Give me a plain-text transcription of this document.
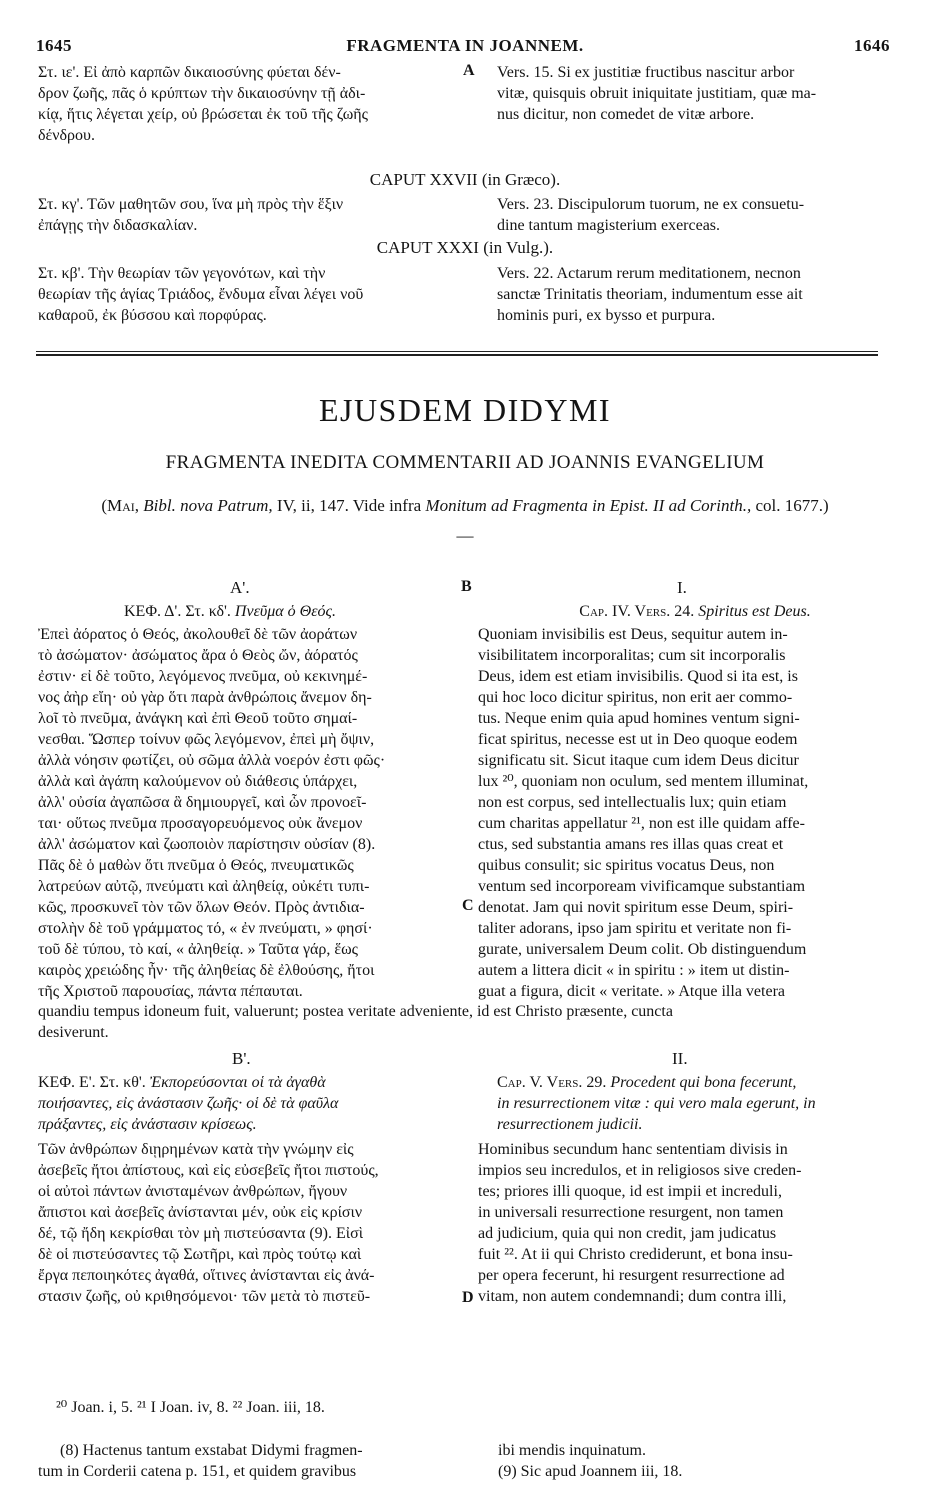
1645	FRAGMENTA IN JOANNEM.	1646
Στ. ιε'. Εἰ ἀπὸ καρπῶν δικαιοσύνης φύεται δέν-
δρον ζωῆς, πᾶς ὁ κρύπτων τὴν δικαιοσύνην τῇ ἀδι-
κίᾳ, ἥτις λέγεται χείρ, οὐ βρώσεται ἐκ τοῦ τῆς ζωῆς
δένδρου.
A Vers. 15. Si ex justitiæ fructibus nascitur arbor
vitæ, quisquis obruit iniquitate justitiam, quæ ma-
nus dicitur, non comedet de vitæ arbore.
CAPUT XXVII (in Græco).
Στ. κγ'. Τῶν μαθητῶν σου, ἵνα μὴ πρὸς τὴν ἕξιν
ἐπάγῃς τὴν διδασκαλίαν.
Vers. 23. Discipulorum tuorum, ne ex consuetu-
dine tantum magisterium exerceas.
CAPUT XXXI (in Vulg.).
Στ. κβ'. Τὴν θεωρίαν τῶν γεγονότων, καὶ τὴν
θεωρίαν τῆς ἁγίας Τριάδος, ἔνδυμα εἶναι λέγει νοῦ
καθαροῦ, ἐκ βύσσου καὶ πορφύρας.
Vers. 22. Actarum rerum meditationem, necnon
sanctæ Trinitatis theoriam, indumentum esse ait
hominis puri, ex bysso et purpura.
EJUSDEM DIDYMI
FRAGMENTA INEDITA COMMENTARII AD JOANNIS EVANGELIUM
(Mai, Bibl. nova Patrum, IV, ii, 147. Vide infra Monitum ad Fragmenta in Epist. II ad Corinth., col. 1677.)
—
Α'.	B	I.
ΚΕΦ. Δ'. Στ. κδ'. Πνεῦμα ὁ Θεός.	Cap. IV. Vers. 24. Spiritus est Deus.
Ἐπεὶ ἀόρατος ὁ Θεός, ἀκολουθεῖ δὲ τῶν ἀοράτων
τὸ ἀσώματον· ἀσώματος ἄρα ὁ Θεὸς ὤν, ἀόρατός
ἐστιν· εἰ δὲ τοῦτο, λεγόμενος πνεῦμα, οὐ κεκινημέ-
νος ἀὴρ εἴη· οὐ γὰρ ὅτι παρὰ ἀνθρώποις ἄνεμον δη-
λοῖ τὸ πνεῦμα, ἀνάγκη καὶ ἐπὶ Θεοῦ τοῦτο σημαί-
νεσθαι. Ὥσπερ τοίνυν φῶς λεγόμενον, ἐπεὶ μὴ ὄψιν,
ἀλλὰ νόησιν φωτίζει, οὐ σῶμα ἀλλὰ νοερόν ἐστι φῶς·
ἀλλὰ καὶ ἀγάπη καλούμενον οὐ διάθεσις ὑπάρχει,
ἀλλ' οὐσία ἀγαπῶσα ἃ δημιουργεῖ, καὶ ὧν προνοεῖ-
ται· οὕτως πνεῦμα προσαγορευόμενος οὐκ ἄνεμον
ἀλλ' ἀσώματον καὶ ζωοποιὸν παρίστησιν οὐσίαν (8).
Πᾶς δὲ ὁ μαθὼν ὅτι πνεῦμα ὁ Θεός, πνευματικῶς
λατρεύων αὐτῷ, πνεύματι καὶ ἀληθείᾳ, οὐκέτι τυπι-
κῶς, προσκυνεῖ τὸν τῶν ὅλων Θεόν. Πρὸς ἀντιδια-
στολὴν δὲ τοῦ γράμματος τό, « ἐν πνεύματι, » φησί·
τοῦ δὲ τύπου, τὸ καί, « ἀληθείᾳ. » Ταῦτα γάρ, ἕως
καιρὸς χρειώδης ἦν· τῆς ἀληθείας δὲ ἐλθούσης, ἤτοι
τῆς Χριστοῦ παρουσίας, πάντα πέπαυται.
C
Quoniam invisibilis est Deus, sequitur autem in-
visibilitatem incorporalitas; cum sit incorporalis
Deus, idem est etiam invisibilis. Quod si ita est, is
qui hoc loco dicitur spiritus, non erit aer commo-
tus. Neque enim quia apud homines ventum signi-
ficat spiritus, necesse est ut in Deo quoque eodem
significatu sit. Sicut itaque cum idem Deus dicitur
lux ²⁰, quoniam non oculum, sed mentem illuminat,
non est corpus, sed intellectualis lux; quin etiam
cum charitas appellatur ²¹, non est ille quidam affe-
ctus, sed substantia amans res illas quas creat et
quibus consulit; sic spiritus vocatus Deus, non
ventum sed incorpoream vivificamque substantiam
denotat. Jam qui novit spiritum esse Deum, spiri-
taliter adorans, ipso jam spiritu et veritate non fi-
gurate, universalem Deum colit. Ob distinguendum
autem a littera dicit « in spiritu : » item ut distin-
guat a figura, dicit « veritate. » Atque illa vetera
quandiu tempus idoneum fuit, valuerunt; postea veritate adveniente, id est Christo præsente, cuncta
desiverunt.
Β'.	II.
ΚΕΦ. Ε'. Στ. κθ'. Ἐκπορεύσονται οἱ τὰ ἀγαθὰ
ποιήσαντες, εἰς ἀνάστασιν ζωῆς· οἱ δὲ τὰ φαῦλα
πράξαντες, εἰς ἀνάστασιν κρίσεως.
Cap. V. Vers. 29. Procedent qui bona fecerunt,
in resurrectionem vitæ : qui vero mala egerunt, in
resurrectionem judicii.
Τῶν ἀνθρώπων διῃρημένων κατὰ τὴν γνώμην εἰς
ἀσεβεῖς ἤτοι ἀπίστους, καὶ εἰς εὐσεβεῖς ἤτοι πιστούς,
οἱ αὐτοὶ πάντων ἀνισταμένων ἀνθρώπων, ἤγουν
ἄπιστοι καὶ ἀσεβεῖς ἀνίστανται μέν, οὐκ εἰς κρίσιν
δέ, τῷ ἤδη κεκρίσθαι τὸν μὴ πιστεύσαντα (9). Εἰσὶ
δὲ οἱ πιστεύσαντες τῷ Σωτῆρι, καὶ πρὸς τούτῳ καὶ
ἔργα πεποιηκότες ἀγαθά, οἵτινες ἀνίστανται εἰς ἀνά-
στασιν ζωῆς, οὐ κριθησόμενοι· τῶν μετὰ τὸ πιστεῦ-	D
Hominibus secundum hanc sententiam divisis in
impios seu incredulos, et in religiosos sive creden-
tes; priores illi quoque, id est impii et increduli,
in universali resurrectione resurgent, non tamen
ad judicium, quia qui non credit, jam judicatus
fuit ²². At ii qui Christo crediderunt, et bona insu-
per opera fecerunt, hi resurgent resurrectione ad
vitam, non autem condemnandi; dum contra illi,
²⁰ Joan. i, 5. ²¹ I Joan. iv, 8. ²² Joan. iii, 18.
(8) Hactenus tantum exstabat Didymi fragmen-
tum in Corderii catena p. 151, et quidem gravibus
ibi mendis inquinatum.
(9) Sic apud Joannem iii, 18.
